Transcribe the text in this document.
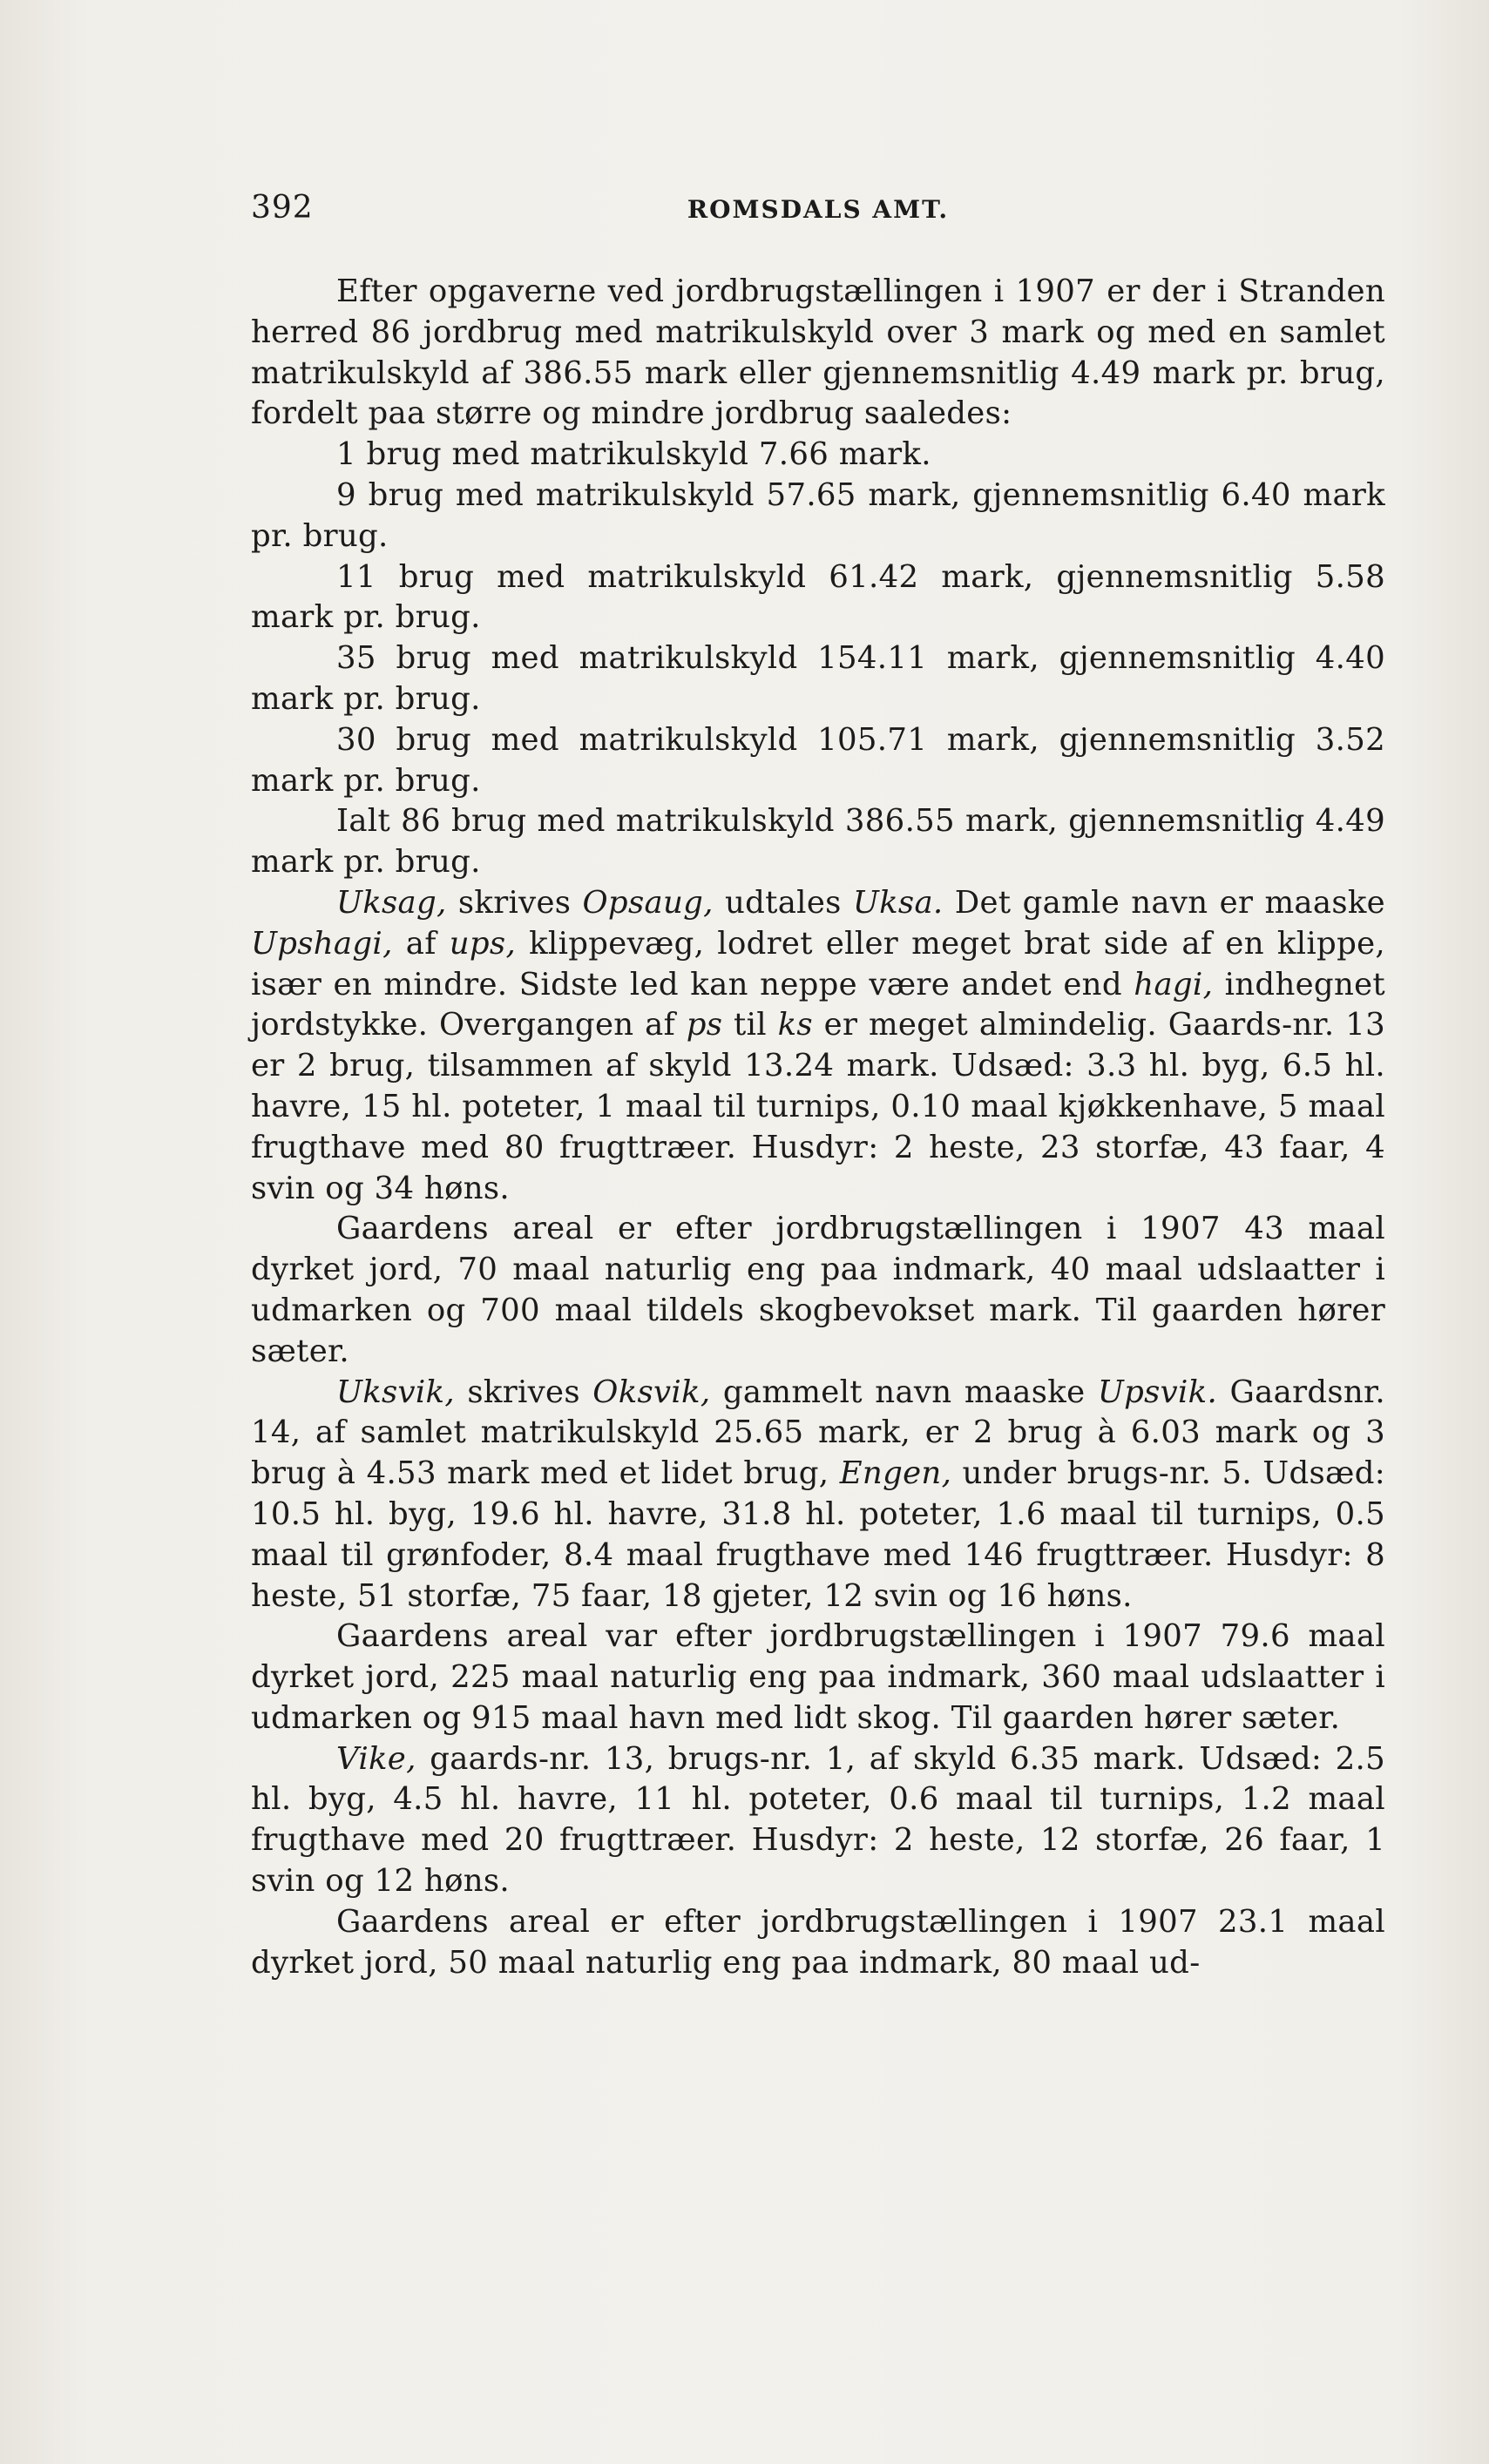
392	ROMSDALS AMT.

Efter opgaverne ved jordbrugstællingen i 1907 er der i Stranden herred 86 jordbrug med matrikulskyld over 3 mark og med en samlet matrikulskyld af 386.55 mark eller gjennemsnitlig 4.49 mark pr. brug, fordelt paa større og mindre jordbrug saaledes:

1 brug med matrikulskyld 7.66 mark.

9 brug med matrikulskyld 57.65 mark, gjennemsnitlig 6.40 mark pr. brug.

11 brug med matrikulskyld 61.42 mark, gjennemsnitlig 5.58 mark pr. brug.

35 brug med matrikulskyld 154.11 mark, gjennemsnitlig 4.40 mark pr. brug.

30 brug med matrikulskyld 105.71 mark, gjennemsnitlig 3.52 mark pr. brug.

Ialt 86 brug med matrikulskyld 386.55 mark, gjennemsnitlig 4.49 mark pr. brug.

Uksag, skrives Opsaug, udtales Uksa. Det gamle navn er maaske Upshagi, af ups, klippevæg, lodret eller meget brat side af en klippe, især en mindre. Sidste led kan neppe være andet end hagi, indhegnet jordstykke. Overgangen af ps til ks er meget almindelig. Gaards-nr. 13 er 2 brug, tilsammen af skyld 13.24 mark. Udsæd: 3.3 hl. byg, 6.5 hl. havre, 15 hl. poteter, 1 maal til turnips, 0.10 maal kjøkkenhave, 5 maal frugthave med 80 frugttræer. Husdyr: 2 heste, 23 storfæ, 43 faar, 4 svin og 34 høns.

Gaardens areal er efter jordbrugstællingen i 1907 43 maal dyrket jord, 70 maal naturlig eng paa indmark, 40 maal udslaatter i udmarken og 700 maal tildels skogbevokset mark. Til gaarden hører sæter.

Uksvik, skrives Oksvik, gammelt navn maaske Upsvik. Gaardsnr. 14, af samlet matrikulskyld 25.65 mark, er 2 brug à 6.03 mark og 3 brug à 4.53 mark med et lidet brug, Engen, under brugs-nr. 5. Udsæd: 10.5 hl. byg, 19.6 hl. havre, 31.8 hl. poteter, 1.6 maal til turnips, 0.5 maal til grønfoder, 8.4 maal frugthave med 146 frugttræer. Husdyr: 8 heste, 51 storfæ, 75 faar, 18 gjeter, 12 svin og 16 høns.

Gaardens areal var efter jordbrugstællingen i 1907 79.6 maal dyrket jord, 225 maal naturlig eng paa indmark, 360 maal udslaatter i udmarken og 915 maal havn med lidt skog. Til gaarden hører sæter.

Vike, gaards-nr. 13, brugs-nr. 1, af skyld 6.35 mark. Udsæd: 2.5 hl. byg, 4.5 hl. havre, 11 hl. poteter, 0.6 maal til turnips, 1.2 maal frugthave med 20 frugttræer. Husdyr: 2 heste, 12 storfæ, 26 faar, 1 svin og 12 høns.

Gaardens areal er efter jordbrugstællingen i 1907 23.1 maal dyrket jord, 50 maal naturlig eng paa indmark, 80 maal ud-
